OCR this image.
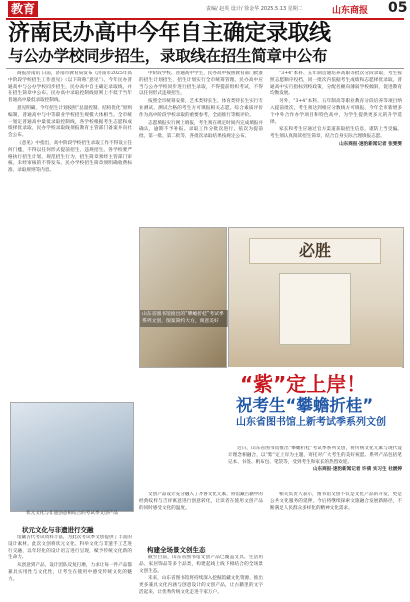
教育	责编/ 赵英 设计/ 徐金华 2025.5.13 星期二	山东商报 05
济南民办高中今年自主确定录取线
与公办学校同步招生，录取线在招生简章中公布

商报济南讯 日前，济南市教育局发布《济南市2025年高中阶段学校招生工作意见》（以下简称“意见”）。今年民办普通高中与公办学校同步招生，民办高中自主确定录取线，并在招生简章中公布。民办高中录取控制线原则上不低于当年普通高中最低录取控制线。

意见明确，今年招生计划按照“总量控制、结构优化”原则编制，普通高中与中等职业学校招生规模大体相当。全市统一划定普通高中最低录取控制线，各学校根据考生志愿和成绩择优录取，民办学校录取线须报教育主管部门备案并向社会公布。

《意见》中指出，高中阶段学校招生录取工作不得设立任何门槛，不得以任何形式提前招生、违规招生。各学校要严格执行招生计划，规范招生行为，招生简章须经主管部门审核，未经审核的不得发布。民办学校招生简章须明确收费标准、录取规则等内容。

中阶段学校。普通高中学生，民办高中按照教育部门批准的招生计划招生，招生计划实行全市统筹管理。民办高中应当与公办学校同步进行招生录取，不得提前组织考试，不得以任何形式违规招生。

按照全市统筹安排，艺术类特长生、体育类特长生实行专业测试，测试合格的考生方可填报相关志愿。综合素质评价作为高中阶段学校录取的重要参考，全面推行等级评价。

志愿填报实行网上填报，考生须在规定时间内完成填报并确认，逾期不予补报。录取工作分批次进行，依次为提前批、第一批、第二批等，各批次录取结果按规定公布。

“3+4”本科、五年制贯通培养高职等批次分段录取，考生按照志愿顺序投档，同一批次内依据考生成绩和志愿择优录取。普通高中实行指标到校政策，分配名额向薄弱学校倾斜，促进教育均衡发展。

另外，“3+4”本科、五年制高等职业教育分段培养等项目纳入提前批次，考生须达到相应分数线方可填报。今年全市新增多个中外合作办学项目和特色高中，为学生提供更多元的升学选择。

家长和考生应通过官方渠道获取招生信息，谨防上当受骗。考生须认真阅读招生简章，结合自身实际合理填报志愿。

山东商报·速豹新闻记者 张雯雯
山东省图书馆推出的“攀蟾折桂”考试季系列文创，图案简约大方，寓意美好
必胜
“紫”定上岸！
祝考生“攀蟾折桂”
山东省图书馆上新考试季系列文创
状元文化与非遗创意相结合的考试季文创产品
状元文化与非遗进行交融

馆藏古代考试资料丰富，为此次考试季文创提供了丰富的设计素材。此次文创将状元文化、科举文化与非遗手工艺进行交融，以年轻化的设计语言进行呈现，赋予传统文化新的生命力。

从创意到产品，设计团队反复打磨，力求让每一件产品都兼具实用性与文化性，让考生在使用中感受传统文化的魅力。

近日，山东省图书馆推出“攀蟾折桂”考试季系列文创，将传统文化元素与现代设计理念相融合，以“紫”定上岸为主题，寄托对广大考生的美好祝愿。系列产品包括笔记本、书签、帆布包、笔袋等，受到考生和家长的热烈欢迎。

山东商报·速豹新闻记者 许倩 实习生 杜媛婷

文创产品设计充分融入了齐鲁文化元素，将馆藏古籍中的经典纹样与吉祥寓意进行创意转化，让读者在使用文创产品的同时感受文化的温度。

构建全场景文创生态

截至目前，山东省图书馆文创产品已覆盖文具、生活用品、家居饰品等多个品类，构建起线上线下相结合的全场景文创生态。

未来，山东省图书馆将持续深入挖掘馆藏文化资源，推出更多兼具文化内涵与创意设计的文创产品，让古籍里的文字活起来，让优秀传统文化走进千家万户。

相关负责人表示，图书馆文创不仅是文化产品的开发，更是公共文化服务的延伸，今后将继续探索文旅融合发展新路径，不断满足人民群众多样化的精神文化需求。
